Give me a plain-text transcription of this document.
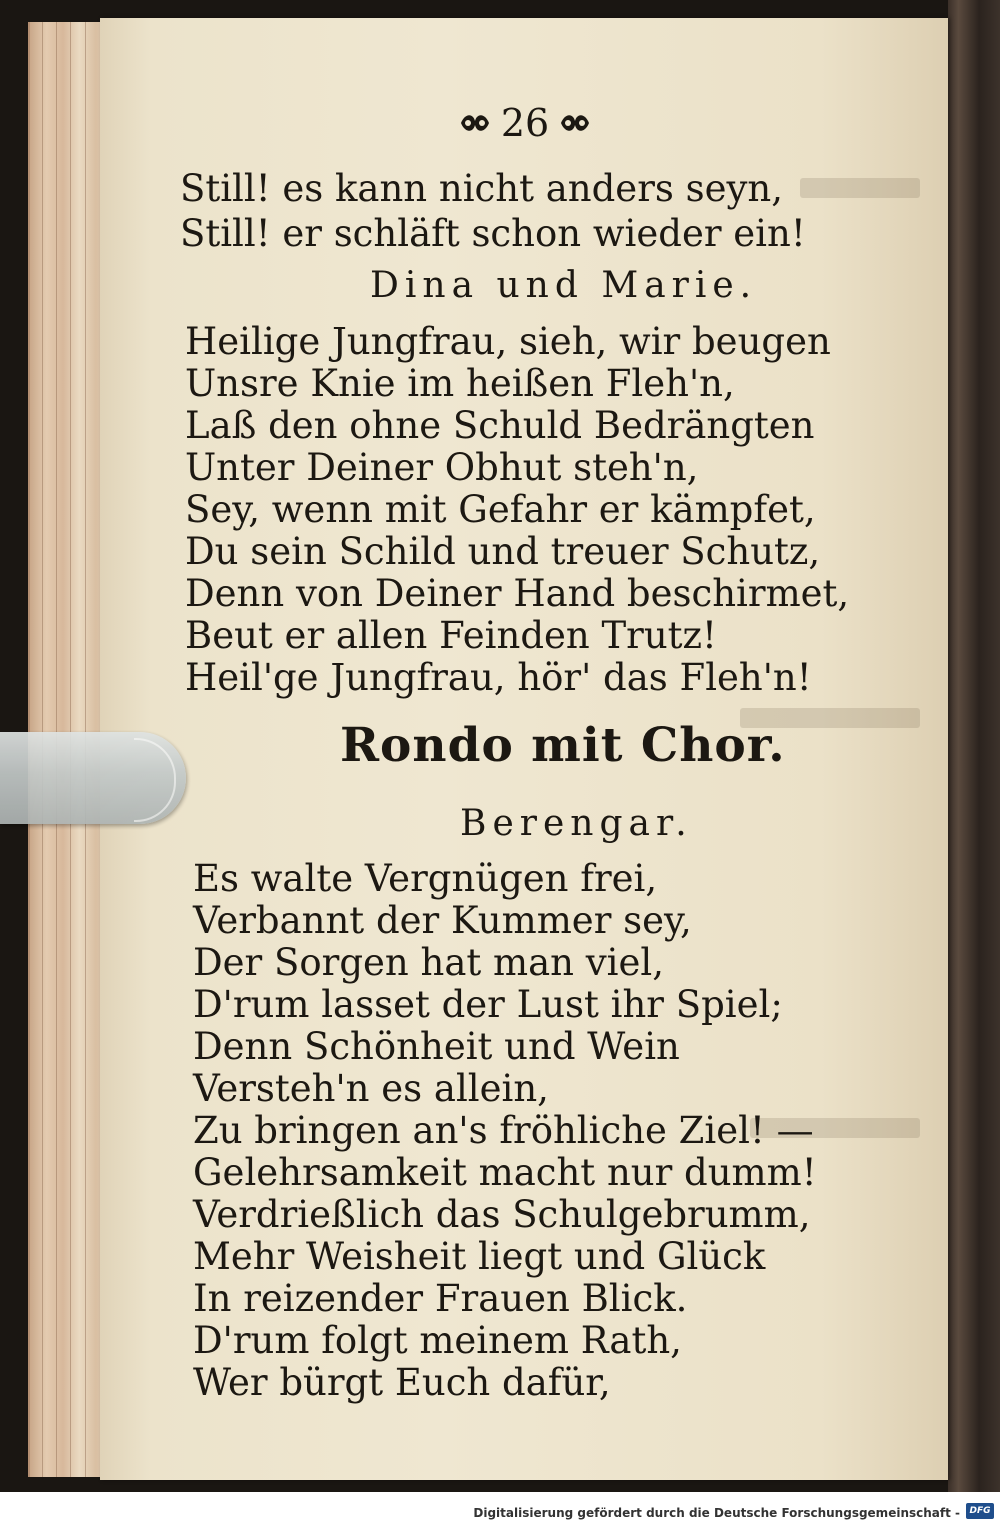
26
Still! es kann nicht anders seyn,
Still! er schläft schon wieder ein!
Dina und Marie.
Heilige Jungfrau, sieh, wir beugen
Unsre Knie im heißen Fleh'n,
Laß den ohne Schuld Bedrängten
Unter Deiner Obhut steh'n,
Sey, wenn mit Gefahr er kämpfet,
Du sein Schild und treuer Schutz,
Denn von Deiner Hand beschirmet,
Beut er allen Feinden Trutz!
Heil'ge Jungfrau, hör' das Fleh'n!
Rondo mit Chor.
Berengar.
Es walte Vergnügen frei,
Verbannt der Kummer sey,
Der Sorgen hat man viel,
D'rum lasset der Lust ihr Spiel;
Denn Schönheit und Wein
Versteh'n es allein,
Zu bringen an's fröhliche Ziel! —
Gelehrsamkeit macht nur dumm!
Verdrießlich das Schulgebrumm,
Mehr Weisheit liegt und Glück
In reizender Frauen Blick.
D'rum folgt meinem Rath,
Wer bürgt Euch dafür,
Digitalisierung gefördert durch die Deutsche Forschungsgemeinschaft -	DFG
